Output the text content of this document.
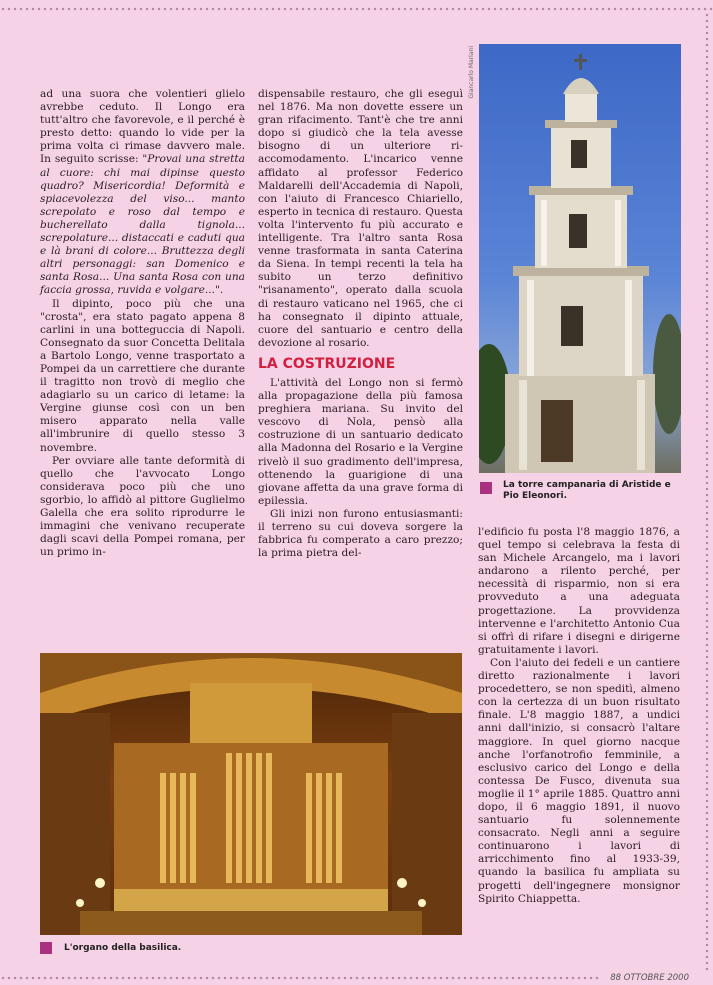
ad una suora che volentieri glielo avrebbe ceduto. Il Longo era tutt'altro che favorevole, e il perché è presto detto: quando lo vide per la prima volta ci rimase davvero male. In seguito scrisse: "Provai una stretta al cuore: chi mai dipinse questo quadro? Misericordia! Deformità e spiacevolezza del viso... manto screpolato e roso dal tempo e bucherellato dalla tignola... screpolature... distaccati e caduti qua e là brani di colore... Bruttezza degli altri personaggi: san Domenico e santa Rosa... Una santa Rosa con una faccia grossa, ruvida e volgare...".

Il dipinto, poco più che una "crosta", era stato pagato appena 8 carlini in una botteguccia di Napoli. Consegnato da suor Concetta Delitala a Bartolo Longo, venne trasportato a Pompei da un carrettiere che durante il tragitto non trovò di meglio che adagiarlo su un carico di letame: la Vergine giunse così con un ben misero apparato nella valle all'imbrunire di quello stesso 3 novembre.

Per ovviare alle tante deformità di quello che l'avvocato Longo considerava poco più che uno sgorbio, lo affidò al pittore Guglielmo Galella che era solito riprodurre le immagini che venivano recuperate dagli scavi della Pompei romana, per un primo in-

dispensabile restauro, che gli eseguì nel 1876. Ma non dovette essere un gran rifacimento. Tant'è che tre anni dopo si giudicò che la tela avesse bisogno di un ulteriore ri-accomodamento. L'incarico venne affidato al professor Federico Maldarelli dell'Accademia di Napoli, con l'aiuto di Francesco Chiariello, esperto in tecnica di restauro. Questa volta l'intervento fu più accurato e intelligente. Tra l'altro santa Rosa venne trasformata in santa Caterina da Siena. In tempi recenti la tela ha subito un terzo definitivo "risanamento", operato dalla scuola di restauro vaticano nel 1965, che ci ha consegnato il dipinto attuale, cuore del santuario e centro della devozione al rosario.

LA COSTRUZIONE

L'attività del Longo non si fermò alla propagazione della più famosa preghiera mariana. Su invito del vescovo di Nola, pensò alla costruzione di un santuario dedicato alla Madonna del Rosario e la Vergine rivelò il suo gradimento dell'impresa, ottenendo la guarigione di una giovane affetta da una grave forma di epilessia.

Gli inizi non furono entusiasmanti: il terreno su cui doveva sorgere la fabbrica fu comperato a caro prezzo; la prima pietra del-

Giancarlo Mariani
La torre campanaria di Aristide e Pio Eleonori.

l'edificio fu posta l'8 maggio 1876, a quel tempo si celebrava la festa di san Michele Arcangelo, ma i lavori andarono a rilento perché, per necessità di risparmio, non si era provveduto a una adeguata progettazione. La provvidenza intervenne e l'architetto Antonio Cua si offrì di rifare i disegni e dirigerne gratuitamente i lavori.

Con l'aiuto dei fedeli e un cantiere diretto razionalmente i lavori procedettero, se non speditì, almeno con la certezza di un buon risultato finale. L'8 maggio 1887, a undici anni dall'inizio, si consacrò l'altare maggiore. In quel giorno nacque anche l'orfanotrofio femminile, a esclusivo carico del Longo e della contessa De Fusco, divenuta sua moglie il 1° aprile 1885. Quattro anni dopo, il 6 maggio 1891, il nuovo santuario fu solennemente consacrato. Negli anni a seguire continuarono i lavori di arricchimento fino al 1933-39, quando la basilica fu ampliata su progetti dell'ingegnere monsignor Spirito Chiappetta.

L'organo della basilica.
88 OTTOBRE 2000
